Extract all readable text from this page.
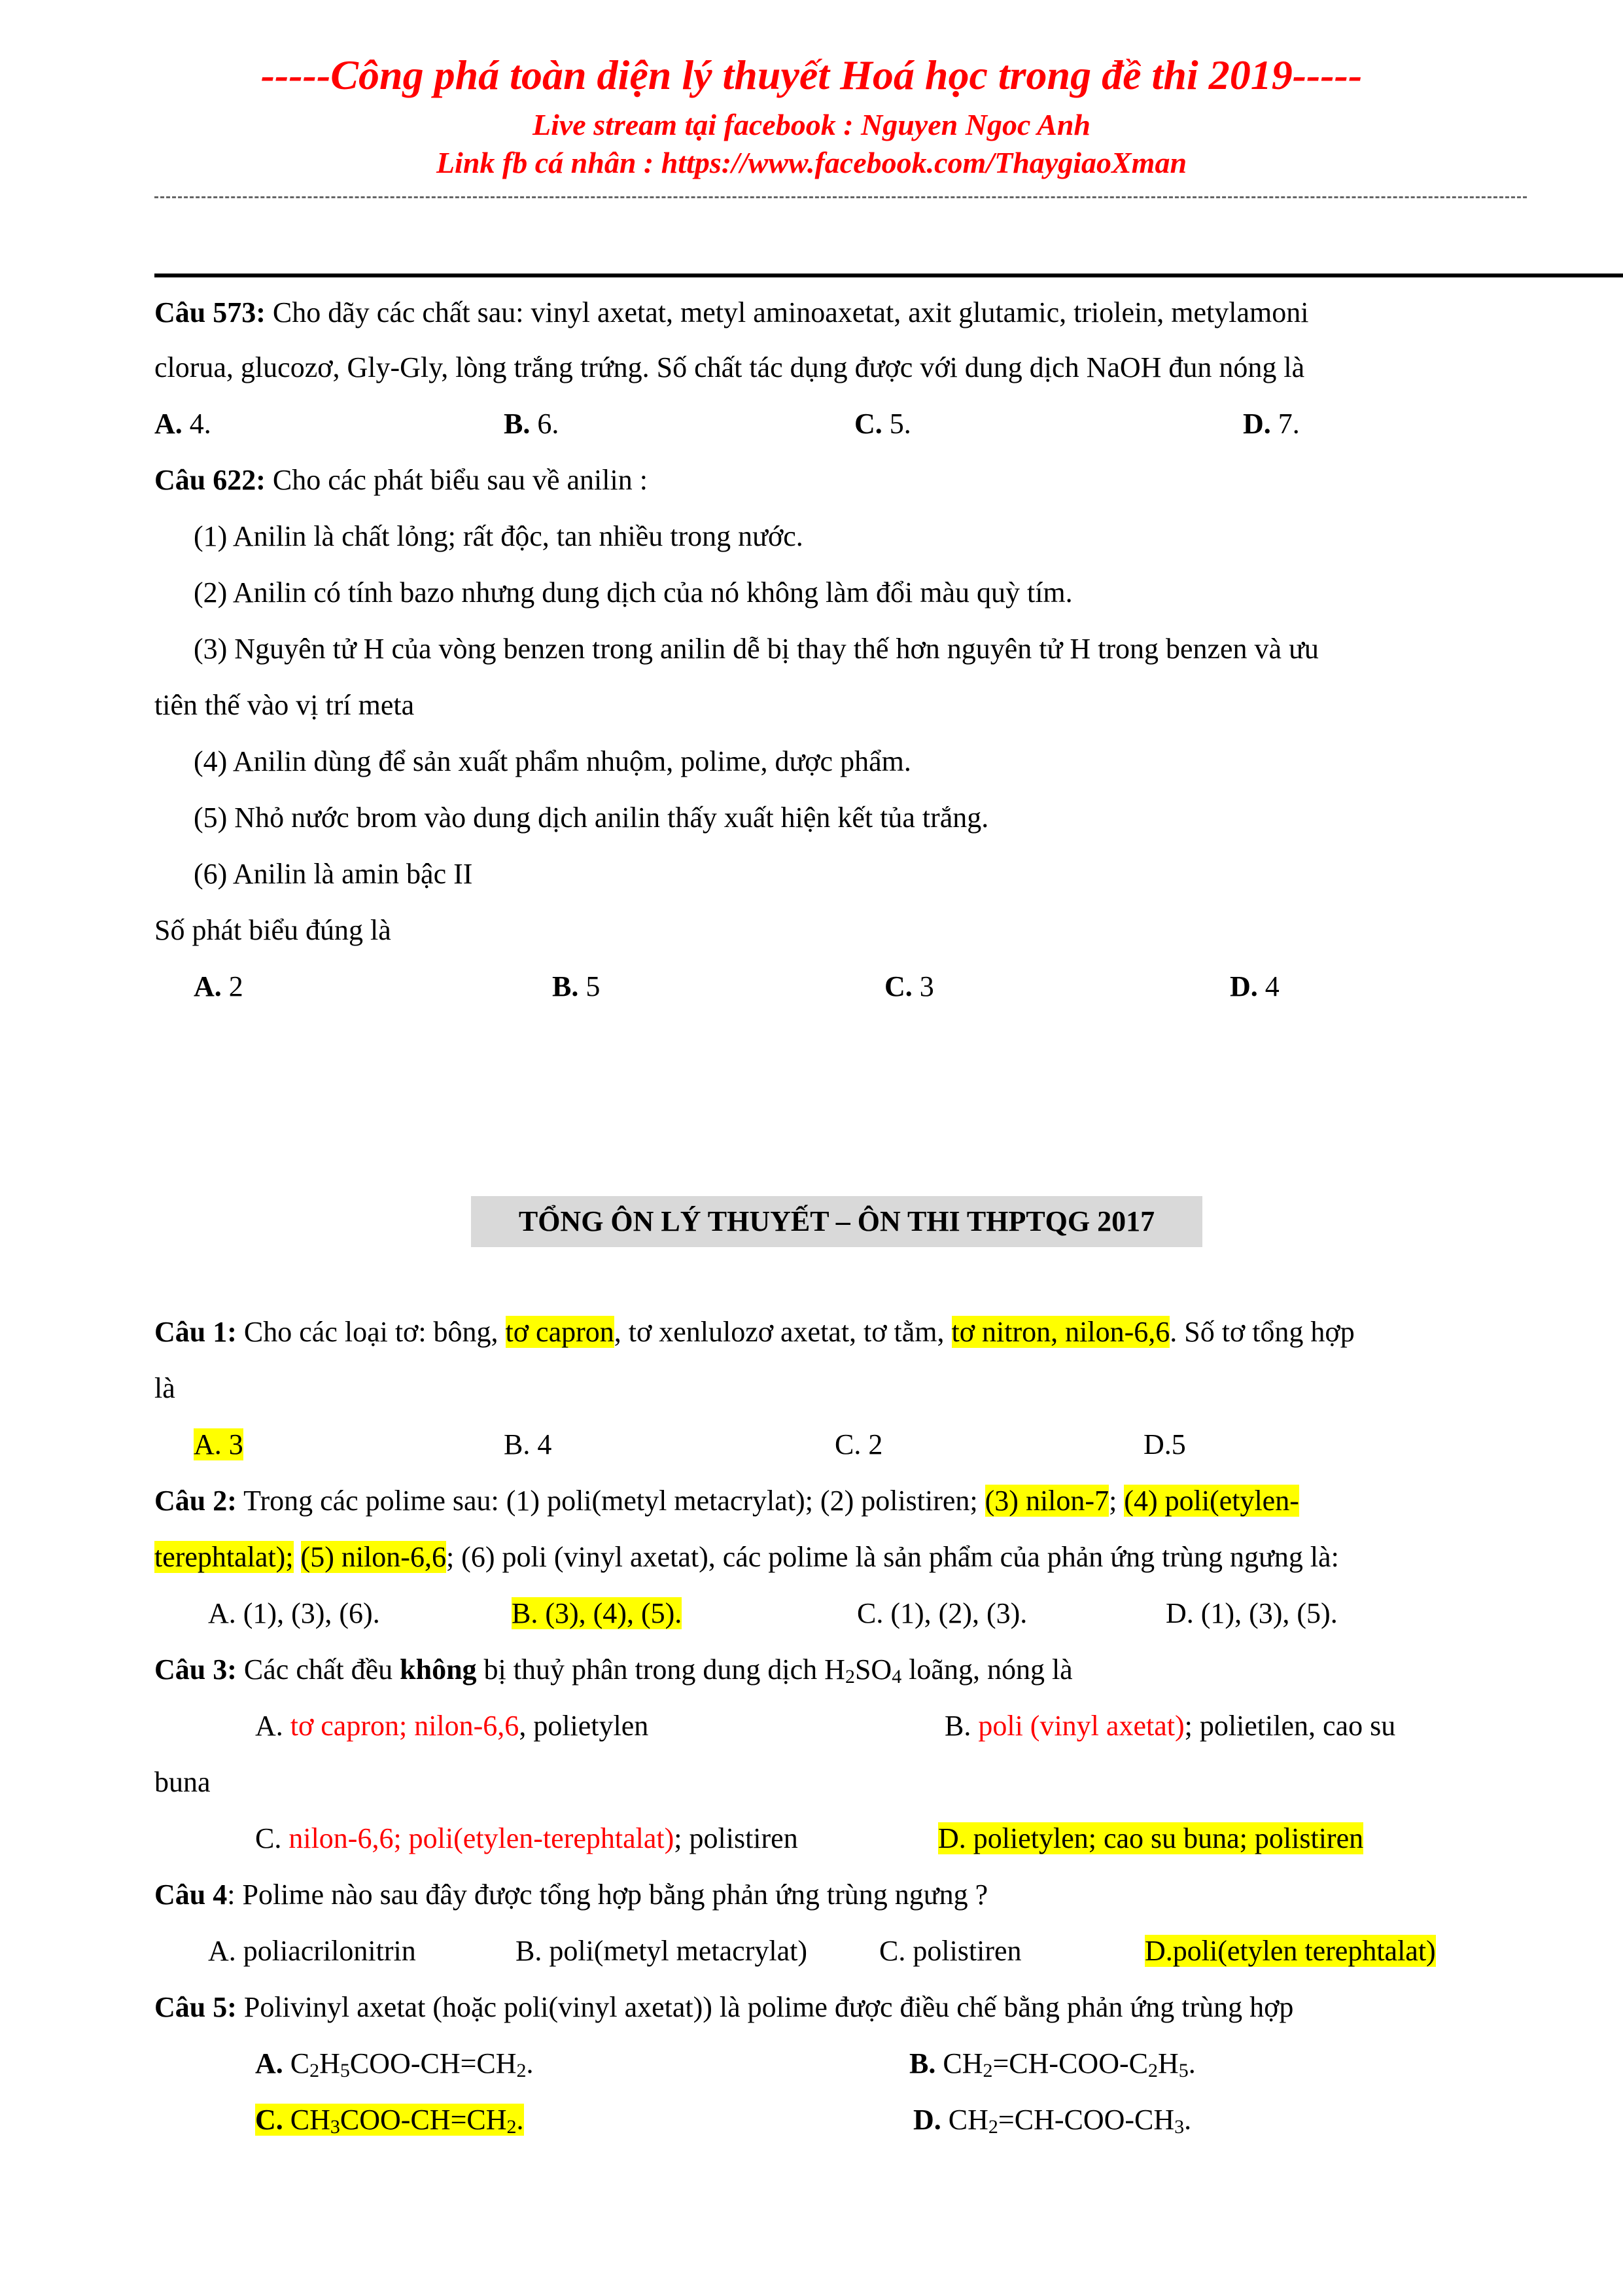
-----Công phá toàn diện lý thuyết Hoá học trong đề thi 2019-----
Live stream tại facebook : Nguyen Ngoc Anh
Link fb cá nhân : https://www.facebook.com/ThaygiaoXman
Câu 573: Cho dãy các chất sau: vinyl axetat, metyl aminoaxetat, axit glutamic, triolein, metylamoni
clorua, glucozơ, Gly-Gly, lòng trắng trứng. Số chất tác dụng được với dung dịch NaOH đun nóng là
A. 4.	B. 6.	C. 5.	D. 7.
Câu 622: Cho các phát biểu sau về anilin :
(1) Anilin là chất lỏng; rất độc, tan nhiều trong nước.
(2) Anilin có tính bazo nhưng dung dịch của nó không làm đổi màu quỳ tím.
(3) Nguyên tử H của vòng benzen trong anilin dễ bị thay thế hơn nguyên tử H trong benzen và ưu
tiên thế vào vị trí meta
(4) Anilin dùng để sản xuất phẩm nhuộm, polime, dược phẩm.
(5) Nhỏ nước brom vào dung dịch anilin thấy xuất hiện kết tủa trắng.
(6) Anilin là amin bậc II
Số phát biểu đúng là
A. 2	B. 5	C. 3	D. 4
TỔNG ÔN LÝ THUYẾT – ÔN THI THPTQG 2017
Câu 1: Cho các loại tơ: bông, tơ capron, tơ xenlulozơ axetat, tơ tằm, tơ nitron, nilon-6,6. Số tơ tổng hợp
là
A. 3	B. 4	C. 2	D.5
Câu 2: Trong các polime sau: (1) poli(metyl metacrylat); (2) polistiren; (3) nilon-7; (4) poli(etylen-
terephtalat); (5) nilon-6,6; (6) poli (vinyl axetat), các polime là sản phẩm của phản ứng trùng ngưng là:
A. (1), (3), (6).	B. (3), (4), (5).	C. (1), (2), (3).	D. (1), (3), (5).
Câu 3: Các chất đều không bị thuỷ phân trong dung dịch $H_2SO_4$ loãng, nóng là
A. tơ capron; nilon-6,6, polietylen	B. poli (vinyl axetat); polietilen, cao su
buna
C. nilon-6,6; poli(etylen-terephtalat); polistiren	D. polietylen; cao su buna; polistiren
Câu 4: Polime nào sau đây được tổng hợp bằng phản ứng trùng ngưng ?
A. poliacrilonitrin	B. poli(metyl metacrylat)	C. polistiren	D.poli(etylen terephtalat)
Câu 5: Polivinyl axetat (hoặc poli(vinyl axetat)) là polime được điều chế bằng phản ứng trùng hợp
A. $C_2H_5COO-CH=CH_2$.	B. $CH_2=CH-COO-C_2H_5$.
C. $CH_3COO-CH=CH_2$.	D. $CH_2=CH-COO-CH_3$.
